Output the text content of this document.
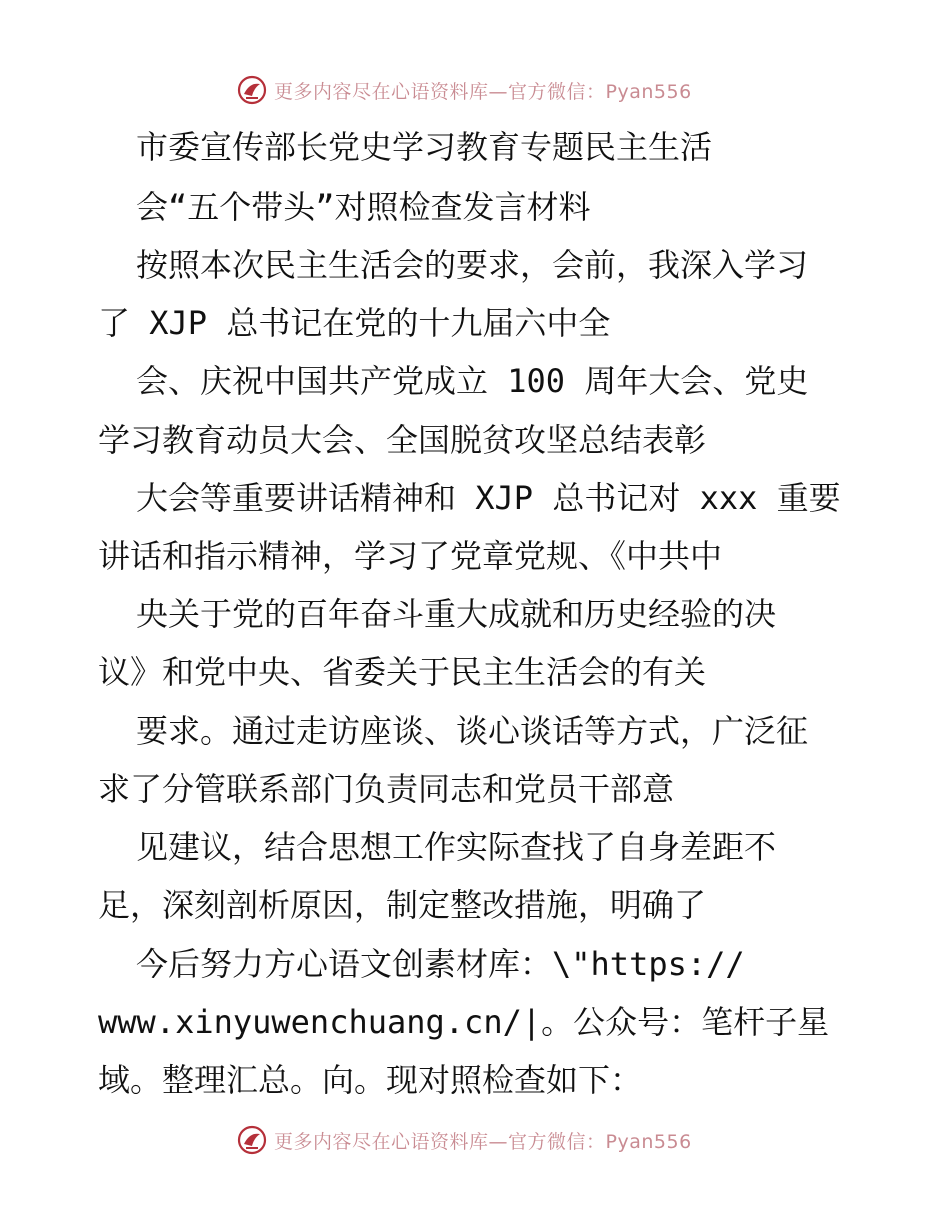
更多内容尽在心语资料库—官方微信：Pyan556
市委宣传部长党史学习教育专题民主生活
会“五个带头”对照检查发言材料
按照本次民主生活会的要求，会前，我深入学习
了 XJP 总书记在党的十九届六中全
会、庆祝中国共产党成立 100 周年大会、党史
学习教育动员大会、全国脱贫攻坚总结表彰
大会等重要讲话精神和 XJP 总书记对 xxx 重要
讲话和指示精神，学习了党章党规、《中共中
央关于党的百年奋斗重大成就和历史经验的决
议》和党中央、省委关于民主生活会的有关
要求。通过走访座谈、谈心谈话等方式，广泛征
求了分管联系部门负责同志和党员干部意
见建议，结合思想工作实际查找了自身差距不
足，深刻剖析原因，制定整改措施，明确了
今后努力方心语文创素材库：\"https://
www.xinyuwenchuang.cn/|。公众号：笔杆子星
域。整理汇总。向。现对照检查如下：
更多内容尽在心语资料库—官方微信：Pyan556
